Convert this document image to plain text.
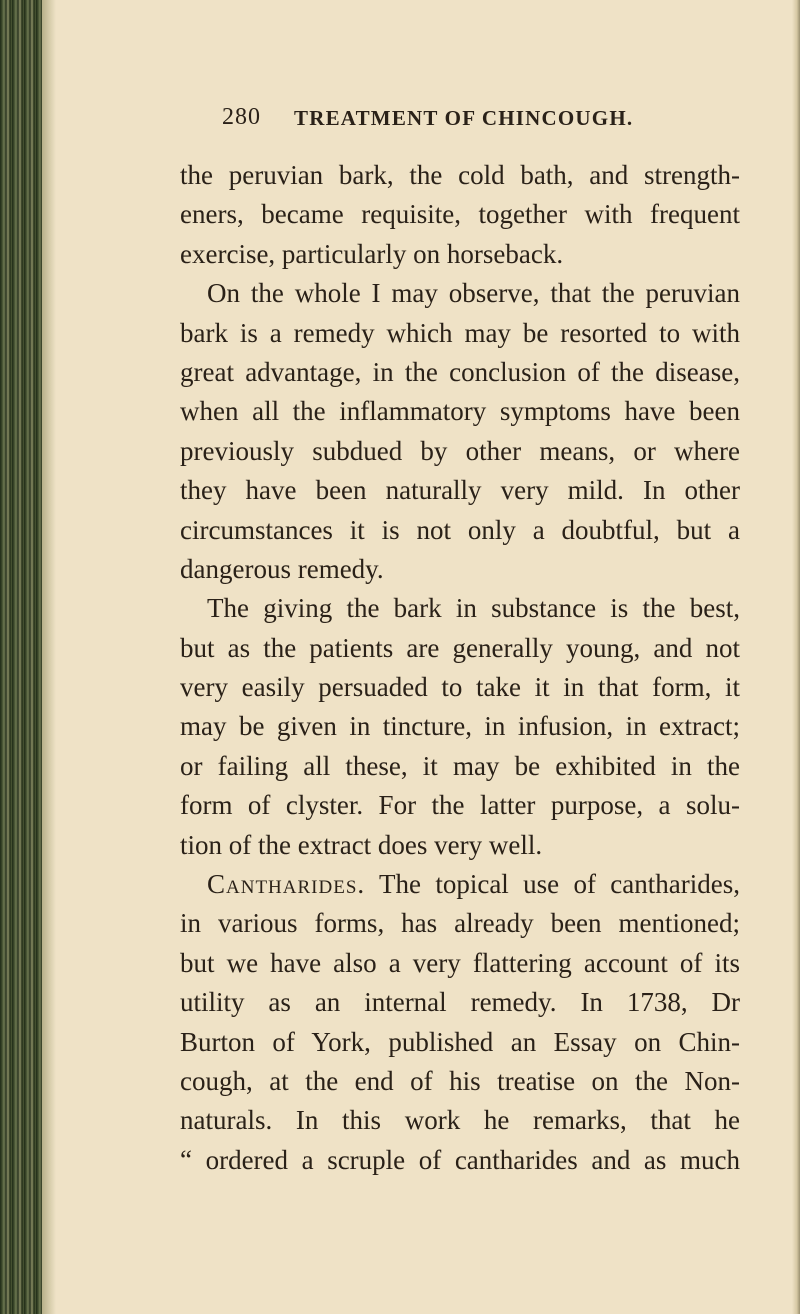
280 TREATMENT OF CHINCOUGH.
the peruvian bark, the cold bath, and strength-
eners, became requisite, together with frequent
exercise, particularly on horseback.
On the whole I may observe, that the peruvian
bark is a remedy which may be resorted to with
great advantage, in the conclusion of the disease,
when all the inflammatory symptoms have been
previously subdued by other means, or where
they have been naturally very mild. In other
circumstances it is not only a doubtful, but a
dangerous remedy.
The giving the bark in substance is the best,
but as the patients are generally young, and not
very easily persuaded to take it in that form, it
may be given in tincture, in infusion, in extract;
or failing all these, it may be exhibited in the
form of clyster. For the latter purpose, a solu-
tion of the extract does very well.
Cantharides. The topical use of cantharides,
in various forms, has already been mentioned;
but we have also a very flattering account of its
utility as an internal remedy. In 1738, Dr
Burton of York, published an Essay on Chin-
cough, at the end of his treatise on the Non-
naturals. In this work he remarks, that he
“ ordered a scruple of cantharides and as much
